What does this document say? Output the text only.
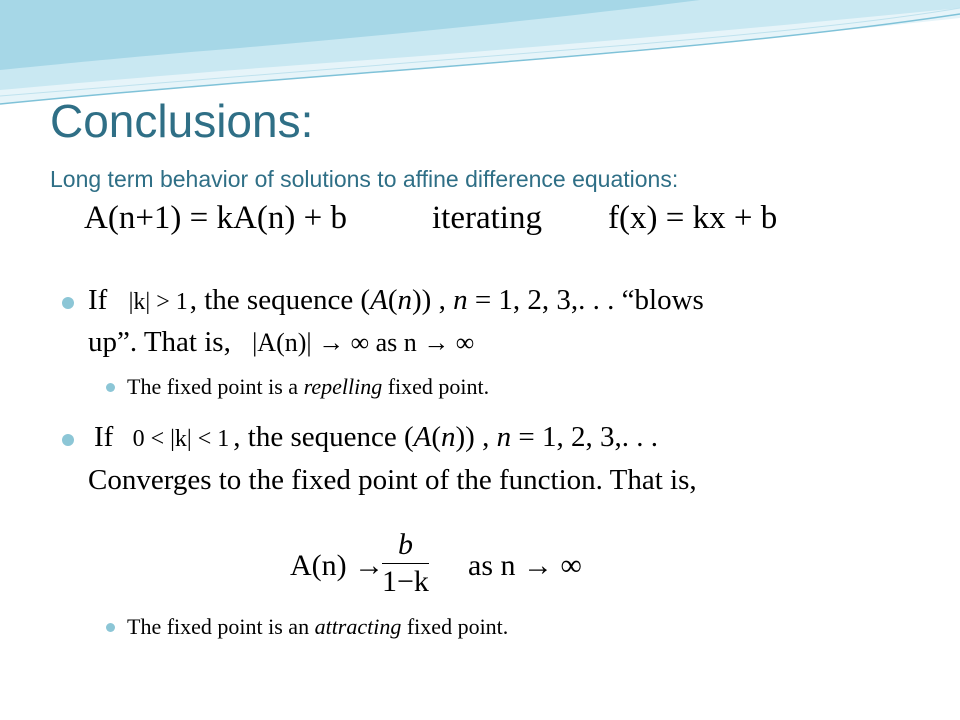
Conclusions:
Long term behavior of solutions to affine difference equations:
A(n+1) = kA(n) + b	iterating f(x) = kx + b
If |k| > 1, the sequence (A(n)) , n = 1, 2, 3,. . . “blows
up”. That is, |A(n)| → ∞ as n → ∞
The fixed point is a repelling fixed point.
If 0 < |k| < 1 , the sequence (A(n)) , n = 1, 2, 3,. . .
Converges to the fixed point of the function. That is,
A(n) →
$\frac{b}{1-k}$ as n → ∞
The fixed point is an attracting fixed point.
